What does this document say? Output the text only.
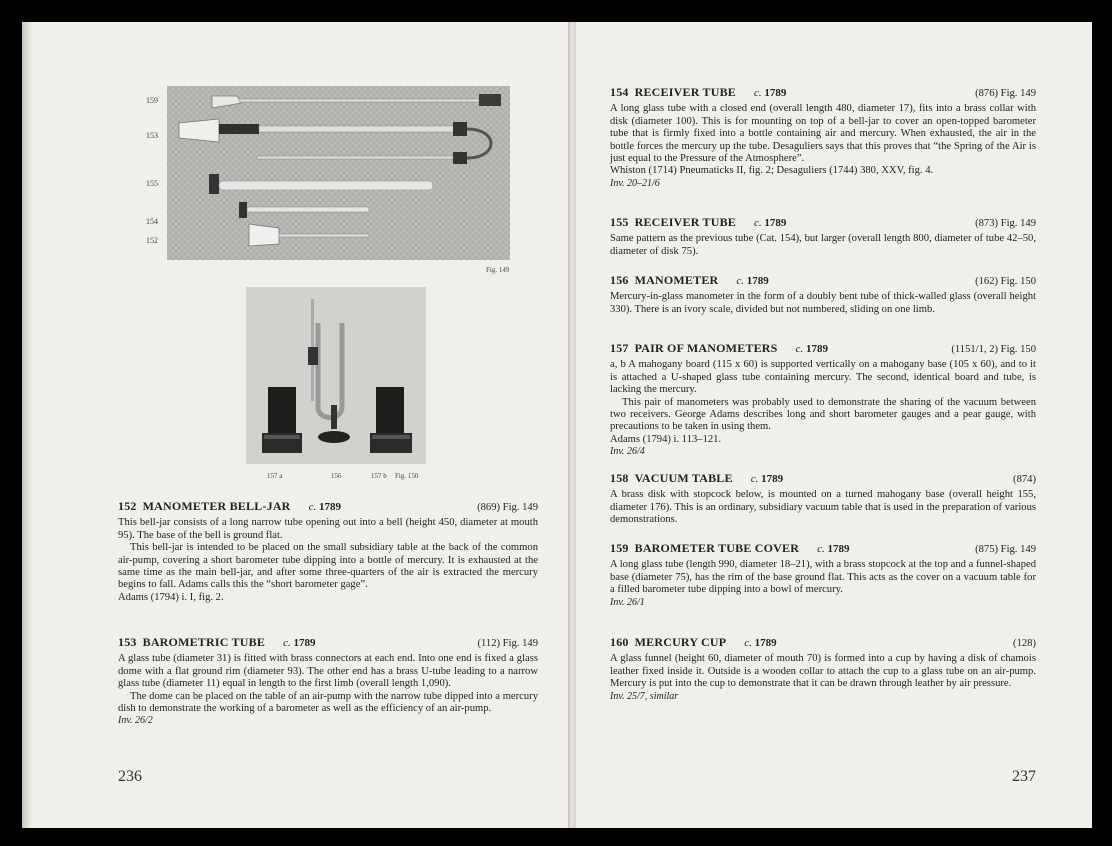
159
153
155
154
152
Fig. 149
157 a	156	157 b Fig. 150
152 MANOMETER BELL-JAR c. 1789	(869) Fig. 149

This bell-jar consists of a long narrow tube opening out into a bell (height 450, diameter at mouth 95). The base of the bell is ground flat.

This bell-jar is intended to be placed on the small subsidiary table at the back of the common air-pump, covering a short barometer tube dipping into a bottle of mercury. It is exhausted at the same time as the main bell-jar, and after some three-quarters of the air is extracted the mercury begins to fall. Adams calls this the “short barometer gage”.

Adams (1794) i. I, fig. 2.

153 BAROMETRIC TUBE c. 1789	(112) Fig. 149

A glass tube (diameter 31) is fitted with brass connectors at each end. Into one end is fixed a glass dome with a flat ground rim (diameter 93). The other end has a brass U-tube leading to a narrow glass tube (diameter 11) equal in length to the first limb (overall length 1,090).

The dome can be placed on the table of an air-pump with the narrow tube dipped into a mercury dish to demonstrate the working of a barometer as well as the efficiency of an air-pump.

Inv. 26/2

236
154 RECEIVER TUBE c. 1789	(876) Fig. 149

A long glass tube with a closed end (overall length 480, diameter 17), fits into a brass collar with disk (diameter 100). This is for mounting on top of a bell-jar to cover an open-topped barometer tube that is firmly fixed into a bottle containing air and mercury. When exhausted, the air in the bottle forces the mercury up the tube. Desaguliers says that this proves that “the Spring of the Air is just equal to the Pressure of the Atmosphere”.

Whiston (1714) Pneumaticks II, fig. 2; Desaguliers (1744) 380, XXV, fig. 4.

Inv. 20–21/6

155 RECEIVER TUBE c. 1789	(873) Fig. 149

Same pattern as the previous tube (Cat. 154), but larger (overall length 800, diameter of tube 42–50, diameter of disk 75).

156 MANOMETER c. 1789	(162) Fig. 150

Mercury-in-glass manometer in the form of a doubly bent tube of thick-walled glass (overall height 330). There is an ivory scale, divided but not numbered, sliding on one limb.

157 PAIR OF MANOMETERS c. 1789	(1151/1, 2) Fig. 150

a, b A mahogany board (115 x 60) is supported vertically on a mahogany base (105 x 60), and to it is attached a U-shaped glass tube containing mercury. The second, identical board and tube, is lacking the mercury.

This pair of manometers was probably used to demonstrate the sharing of the vacuum between two receivers. George Adams describes long and short barometer gauges and a pear gauge, with precautions to be taken in using them.

Adams (1794) i. 113–121.

Inv. 26/4

158 VACUUM TABLE c. 1789	(874)

A brass disk with stopcock below, is mounted on a turned mahogany base (overall height 155, diameter 176). This is an ordinary, subsidiary vacuum table that is used in the preparation of various demonstrations.

159 BAROMETER TUBE COVER c. 1789	(875) Fig. 149

A long glass tube (length 990, diameter 18–21), with a brass stopcock at the top and a funnel-shaped base (diameter 75), has the rim of the base ground flat. This acts as the cover on a vacuum table for a filled barometer tube dipping into a bowl of mercury.

Inv. 26/1

160 MERCURY CUP c. 1789	(128)

A glass funnel (height 60, diameter of mouth 70) is formed into a cup by having a disk of chamois leather fixed inside it. Outside is a wooden collar to attach the cup to a glass tube on an air-pump. Mercury is put into the cup to demonstrate that it can be drawn through leather by air pressure.

Inv. 25/7, similar

237
